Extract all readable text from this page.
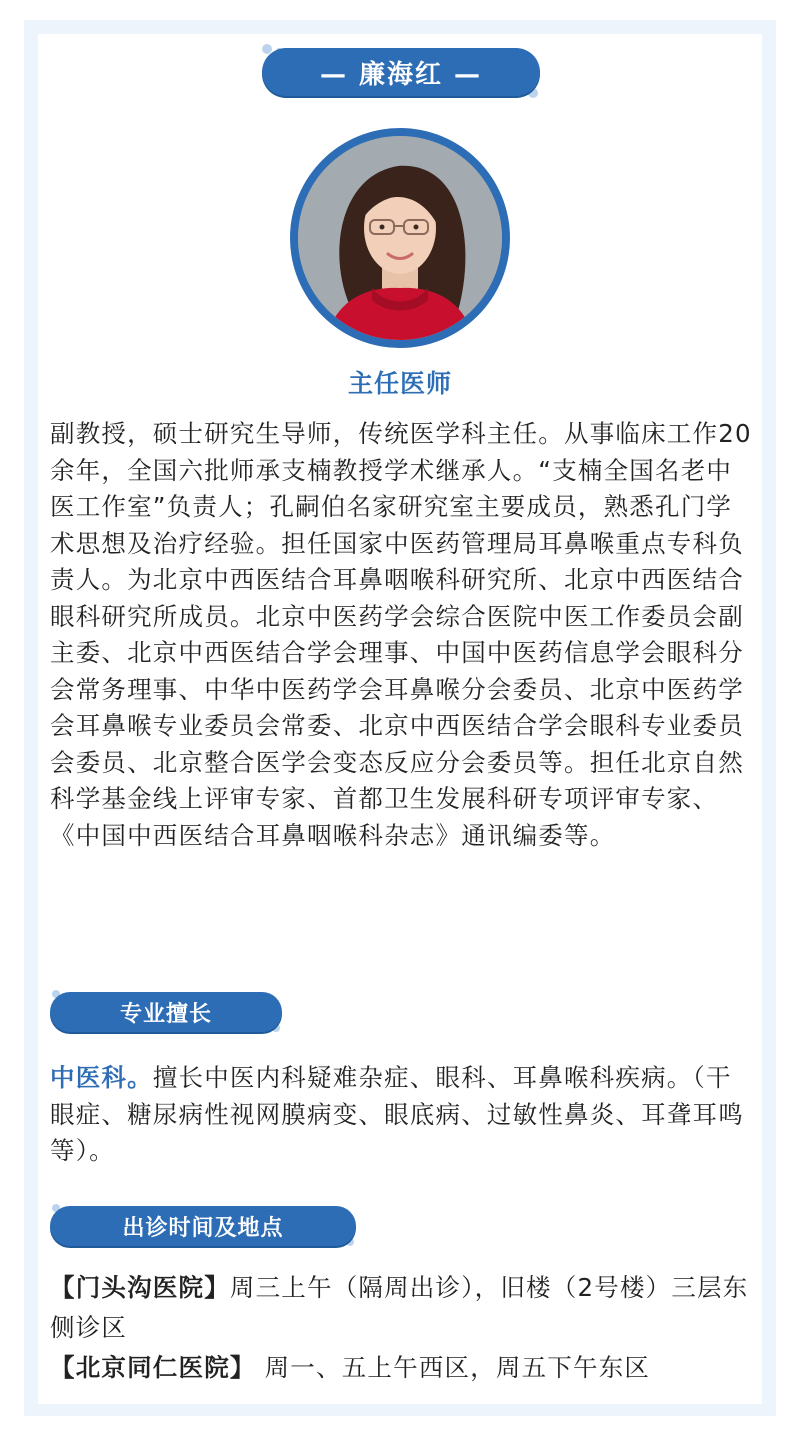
— 廉海红 —
主任医师

副教授，硕士研究生导师，传统医学科主任。从事临床工作20余年，全国六批师承支楠教授学术继承人。“支楠全国名老中医工作室”负责人；孔嗣伯名家研究室主要成员，熟悉孔门学术思想及治疗经验。担任国家中医药管理局耳鼻喉重点专科负责人。为北京中西医结合耳鼻咽喉科研究所、北京中西医结合眼科研究所成员。北京中医药学会综合医院中医工作委员会副主委、北京中西医结合学会理事、中国中医药信息学会眼科分会常务理事、中华中医药学会耳鼻喉分会委员、北京中医药学会耳鼻喉专业委员会常委、北京中西医结合学会眼科专业委员会委员、北京整合医学会变态反应分会委员等。担任北京自然科学基金线上评审专家、首都卫生发展科研专项评审专家、《中国中西医结合耳鼻咽喉科杂志》通讯编委等。

专业擅长

中医科。擅长中医内科疑难杂症、眼科、耳鼻喉科疾病。（干眼症、糖尿病性视网膜病变、眼底病、过敏性鼻炎、耳聋耳鸣等）。

出诊时间及地点

【门头沟医院】周三上午（隔周出诊），旧楼（2号楼）三层东侧诊区
【北京同仁医院】 周一、五上午西区，周五下午东区
